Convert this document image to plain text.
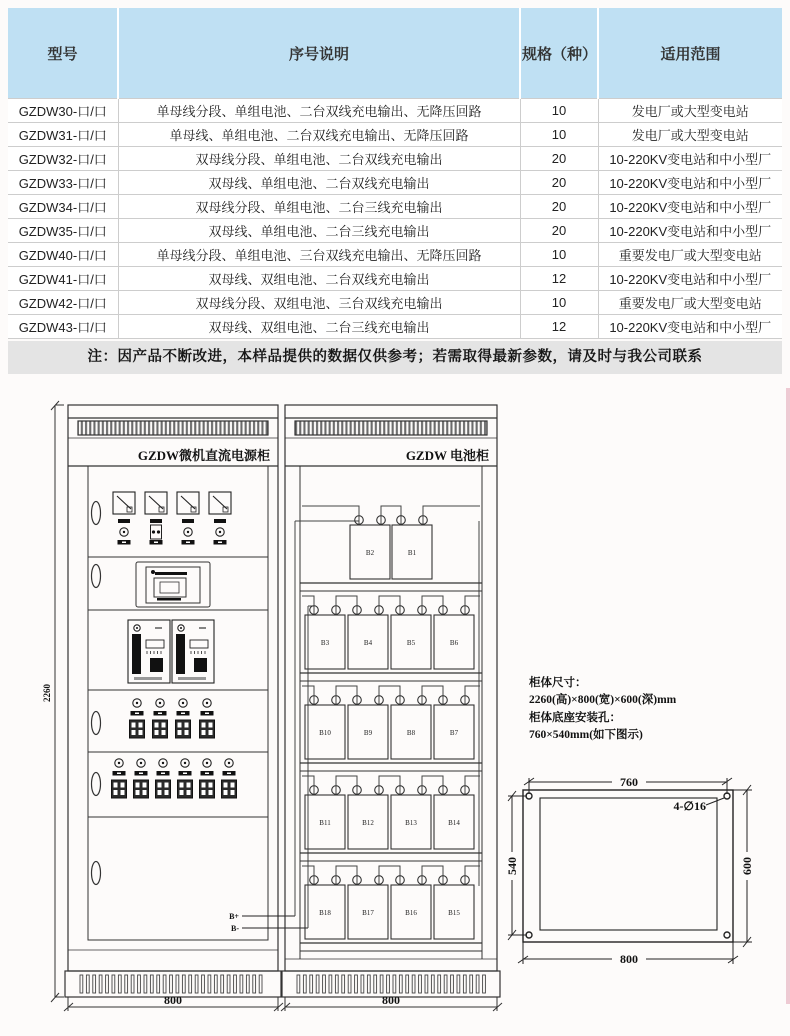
型号	序号说明	规格（种）	适用范围
GZDW30-口/口	单母线分段、单组电池、二台双线充电输出、无降压回路	10	发电厂或大型变电站
GZDW31-口/口	单母线、单组电池、二台双线充电输出、无降压回路	10	发电厂或大型变电站
GZDW32-口/口	双母线分段、单组电池、二台双线充电输出	20	10-220KV变电站和中小型厂
GZDW33-口/口	双母线、单组电池、二台双线充电输出	20	10-220KV变电站和中小型厂
GZDW34-口/口	双母线分段、单组电池、二台三线充电输出	20	10-220KV变电站和中小型厂
GZDW35-口/口	双母线、单组电池、二台三线充电输出	20	10-220KV变电站和中小型厂
GZDW40-口/口	单母线分段、单组电池、三台双线充电输出、无降压回路	10	重要发电厂或大型变电站
GZDW41-口/口	双母线、双组电池、二台双线充电输出	12	10-220KV变电站和中小型厂
GZDW42-口/口	双母线分段、双组电池、三台双线充电输出	10	重要发电厂或大型变电站
GZDW43-口/口	双母线、双组电池、二台三线充电输出	12	10-220KV变电站和中小型厂
注：因产品不断改进，本样品提供的数据仅供参考；若需取得最新参数，请及时与我公司联系
GZDW微机直流电源柜
B+
B-
GZDW 电池柜
B2	B1
B3	B4	B5	B6
B10	B9	B8	B7
B11	B12	B13	B14
B18	B17	B16	B15
2260
800	800
760
800
540	600
4-∅16
柜体尺寸：
2260(高)×800(宽)×600(深)mm
柜体底座安装孔：
760×540mm(如下图示)
